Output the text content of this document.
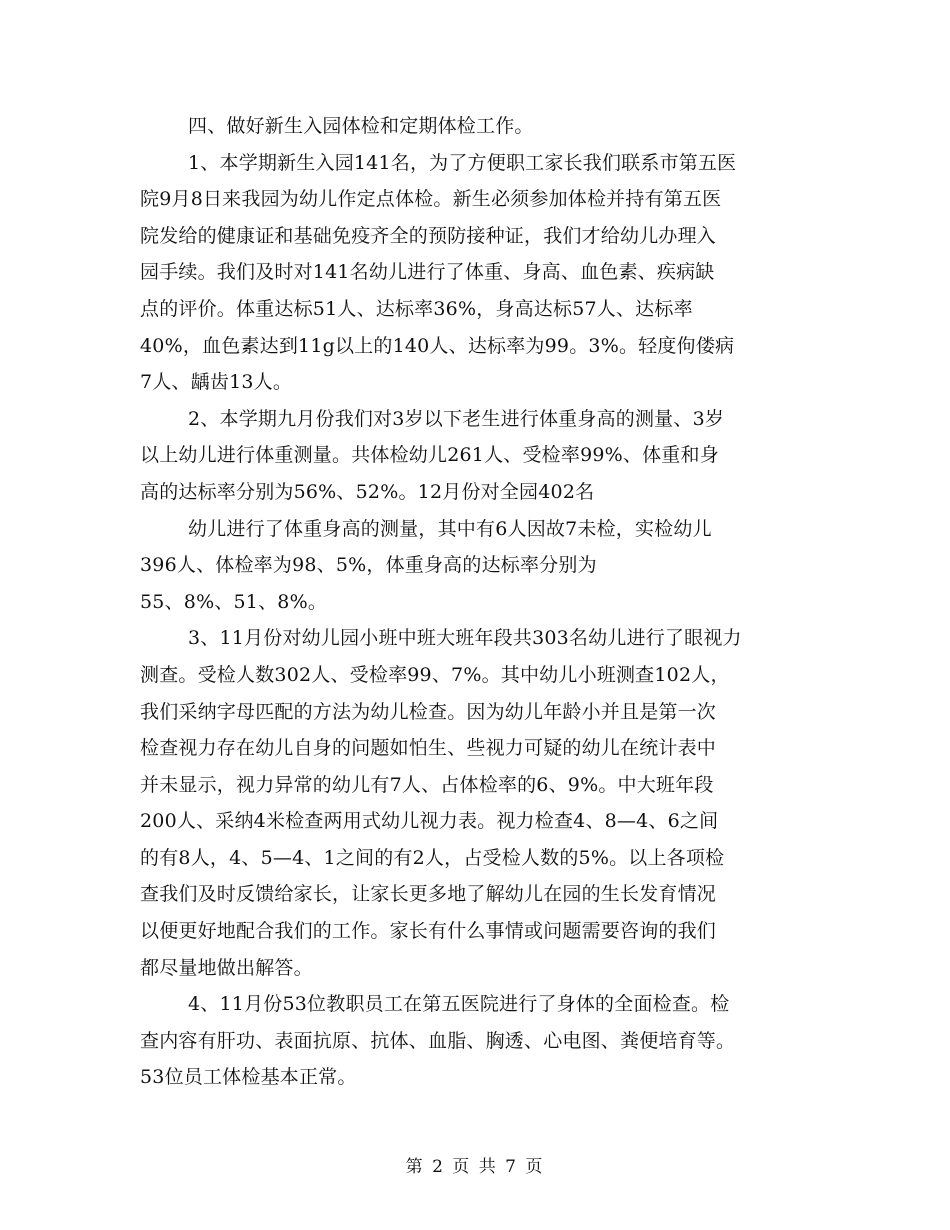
四、做好新生入园体检和定期体检工作。
1、本学期新生入园141名，为了方便职工家长我们联系市第五医
院9月8日来我园为幼儿作定点体检。新生必须参加体检并持有第五医
院发给的健康证和基础免疫齐全的预防接种证，我们才给幼儿办理入
园手续。我们及时对141名幼儿进行了体重、身高、血色素、疾病缺
点的评价。体重达标51人、达标率36%，身高达标57人、达标率
40%，血色素达到11g以上的140人、达标率为99。3%。轻度佝偻病
7人、龋齿13人。
2、本学期九月份我们对3岁以下老生进行体重身高的测量、3岁
以上幼儿进行体重测量。共体检幼儿261人、受检率99%、体重和身
高的达标率分别为56%、52%。12月份对全园402名
幼儿进行了体重身高的测量，其中有6人因故7未检，实检幼儿
396人、体检率为98、5%，体重身高的达标率分别为
55、8%、51、8%。
3、11月份对幼儿园小班中班大班年段共303名幼儿进行了眼视力
测查。受检人数302人、受检率99、7%。其中幼儿小班测查102人，
我们采纳字母匹配的方法为幼儿检查。因为幼儿年龄小并且是第一次
检查视力存在幼儿自身的问题如怕生、些视力可疑的幼儿在统计表中
并未显示，视力异常的幼儿有7人、占体检率的6、9%。中大班年段
200人、采纳4米检查两用式幼儿视力表。视力检查4、8—4、6之间
的有8人，4、5—4、1之间的有2人，占受检人数的5%。以上各项检
查我们及时反馈给家长，让家长更多地了解幼儿在园的生长发育情况
以便更好地配合我们的工作。家长有什么事情或问题需要咨询的我们
都尽量地做出解答。
4、11月份53位教职员工在第五医院进行了身体的全面检查。检
查内容有肝功、表面抗原、抗体、血脂、胸透、心电图、粪便培育等。
53位员工体检基本正常。
第 2 页 共 7 页
